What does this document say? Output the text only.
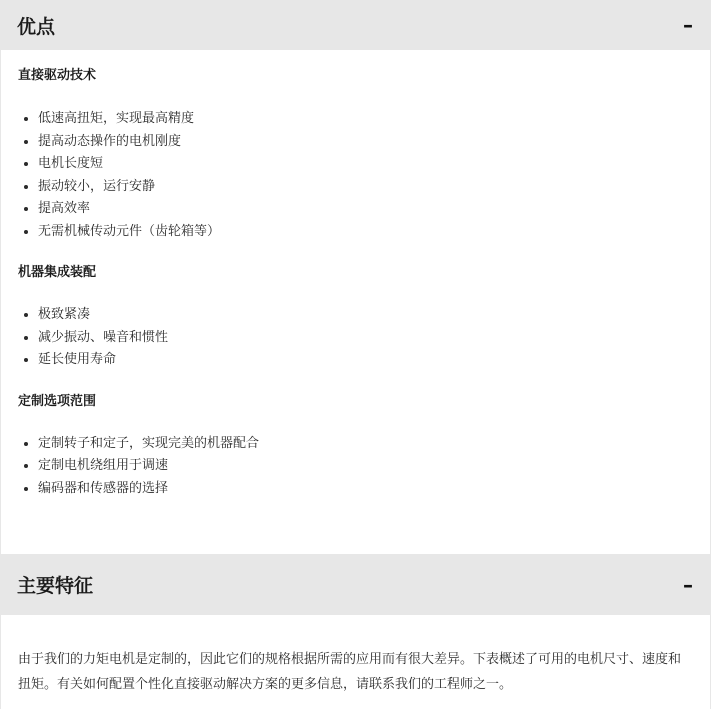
优点	–
直接驱动技术
• 低速高扭矩，实现最高精度
• 提高动态操作的电机刚度
• 电机长度短
• 振动较小，运行安静
• 提高效率
• 无需机械传动元件（齿轮箱等）
机器集成装配
• 极致紧凑
• 减少振动、噪音和惯性
• 延长使用寿命
定制选项范围
• 定制转子和定子，实现完美的机器配合
• 定制电机绕组用于调速
• 编码器和传感器的选择
主要特征	–

由于我们的力矩电机是定制的，因此它们的规格根据所需的应用而有很大差异。下表概述了可用的电机尺寸、速度和扭矩。有关如何配置个性化直接驱动解决方案的更多信息，请联系我们的工程师之一。
